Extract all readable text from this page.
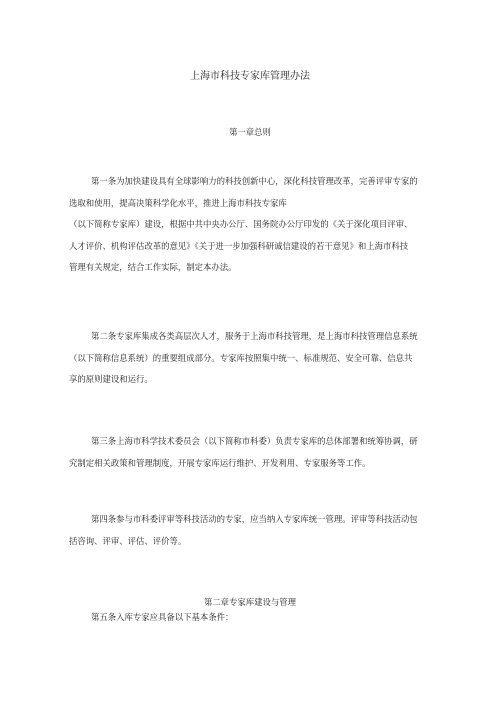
上海市科技专家库管理办法
第一章总则
第一条为加快建设具有全球影响力的科技创新中心，深化科技管理改革，完善评审专家的
选取和使用，提高决策科学化水平，推进上海市科技专家库
（以下简称专家库）建设，根据中共中央办公厅、国务院办公厅印发的《关于深化项目评审、
人才评价、机构评估改革的意见》《关于进一步加强科研诚信建设的若干意见》和上海市科技
管理有关规定，结合工作实际，制定本办法。
第二条专家库集成各类高层次人才，服务于上海市科技管理，是上海市科技管理信息系统
（以下简称信息系统）的重要组成部分。专家库按照集中统一、标准规范、安全可靠、信息共
享的原则建设和运行。
第三条上海市科学技术委员会（以下简称市科委）负责专家库的总体部署和统筹协调，研
究制定相关政策和管理制度，开展专家库运行维护、开发利用、专家服务等工作。
第四条参与市科委评审等科技活动的专家，应当纳入专家库统一管理。评审等科技活动包
括咨询、评审、评估、评价等。
第二章专家库建设与管理
第五条入库专家应具备以下基本条件：
